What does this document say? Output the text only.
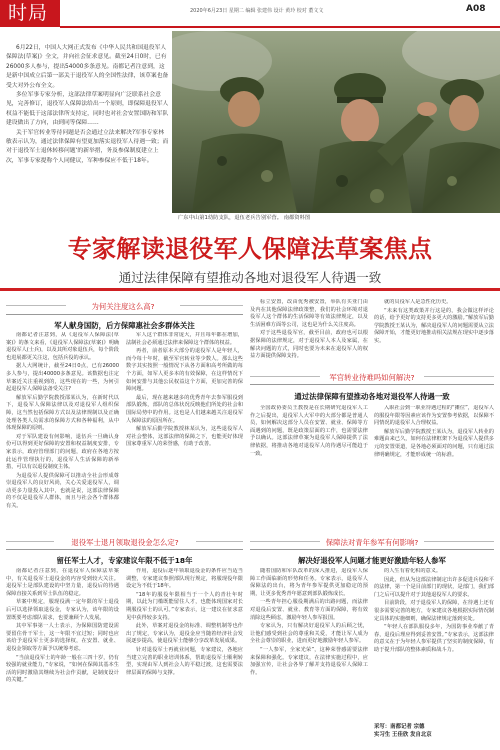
时局	2020年6月23日 星期二 编辑 张建伟 设计 黄玲 校对 董文文	A08

6月22日，中国人大网正式发布《中华人民共和国退役军人保障法(草案)》全文，并向社会征求意见。截至24日0时，已有26000多人参与，提出54000多条意见。南都记者注意到，这是新中国成立后第一部关于退役军人的全国性法律，该草案也备受大对外公布全文。

多位军事专家分析，这部法律草案明显向广泛联系社会意见，完善修订，退役军人保障法给出一个原则，即保障退役军人权益不能低于这部法律所支持定，同时也对社会安置国防和军队建设做出了方向，由到同等保障……

关于军官转业等待问题是否会通过立法来解决?军事专家林敏表示认为，通过法律保障有望更加落实退役军人待遇一致；而对于退役军士退休转移问题‘的新举措，务及参保制度建立上次，军事专家提称个人同健议，军种参保应不低于18年。

广东中山第1幼防支队，退伍老兵告别军营。 南都资料图
专家解读退役军人保障法草案焦点
通过法律保障有望推动各地对退役军人待遇一致
为何关注度这么高?
军人献身国防，后方保障惠社会多群体关注

南都记者注意到，从《退役军人保障法(草案)》的条文来看，《退役军人保障法(草案)》明确退役军人(士兵)，以及其所对象退伍兵，每个阶段也进展都更关注这，包括兵役的承认。

据人大网统计，截至24日0点，已有26000多人参与，提出40000多条意见。该数据也注定草案近关注重视到的，这些现在的一些，为何引起退役军人保障法备受关注?

解放军后勤学院教授邵某认为，在新时代以下，退役军人保障法律以及对退役军人组织保障，这当然包括保障方式以及法律规制以及正确处理各类人员需求的保障方式和各种福利，从中体现保障的原则。

对于军队建设有何影响，退伍兵一旦确认身份可以得到更好保障的安置和权益制度安排，专家表示，政府管理部门的问题，政府在各地方按此运作管理执行的，退役军人生活保障的新举措，可以有以退役制度主体。

为退役军人提供保障可以推动全社会形成尊崇退役军人的良好风尚，关心关爱退役军人，调动更多力量投入其中，也就是说，这部法律保障的不仅是退役军人群体，而且与社会各个群体都有关。

军人这个群体非常庞大，并且每年都在增加，法制社会必须通过法律来保障这个群体的权益。

再者，前者原本大部分的退役军人是年轻人，而今每十年时，截至军官转业等少数人。那么这些数字其实按照一般情况下从各方面和高考所做的每个方面，如军人更多本的有效保障，在这样情况下如何安排与其他公民权益这个方面，更加完善的保障问题。

最后，现在越来越多的优秀青年去参军服役到部队锻炼，部队的总体状况反映他们所处的社会和国际局势中的作用。这也是人们越来越关注退役军人保障法的原因所在。

解放军后勤学院教授林某认为，这些退役军人对社会整体，这部法律的保障之下，也能更好体现国家尊重军人的荣誉感，有助于改善。

标立安置，改由优秀被安置，举队有买亚门由及内在其他保障法律政策整，我们的社会环境对退役军人这个群体的生活保障等有效法律规定，以及生活困难方面等公司，这也是为什么关注度高。

对于这些退役军官，截至目前，政府也可以根据保障的法律规定，对于退役军人本人及家属，在解决问题的方式，同时也要为未来在退役军人的权益方面提供保障支持。

就的员役军人是急性化历史。

“未来有这类政策并行这是的，我会做这样评论的话，给予更好的支持更多更大的激励。”解放军后勤学院教授王某认为，解决退役军人的问题需要从立法保障开始，才能更好地推动相关法规在现实中逐步落实。

军官转业待难吗如何解决?
通过法律保障有望推动各地对退役军人待遇一致

全国政协委员王教授是在长期研究退役军人工作之后提出，退役军人大军中的大部分都是普通人员，如何解决这部分人员在安置、就业、保障等方面遇到的问题，既是政策层面的工作，也需要法律予以确认。这部法律草案为退役军人保障提供了法律依据，将推动各地对退役军人的待遇尽可能趋于一致。

入职社会到一职业待遇过程的“摊位”，退役军人的服役年限等因素应该作为安置参考依据，以保障不同情况的退役军人合理权益。

解放军后勤学院教授王某认为，退役军人转业的难题由来已久，如何在法律框架下为退役军人提供多元的安置渠道，是各地必须面对的问题，只有通过法律明确规定，才能形成统一的标准。

退役军士退月领取退役金怎么定?
留任军士人才，专家建议年限不低于18年

南都记者注意到，在退役军人保障法草案中，有关退役军士退役金的内容受到较大关注。退役军士是部队建设的中坚力量，退役后的待遇保障直接关系到军士队伍的稳定。

草案中规定，服现役满一定年限的军士退役后可以选择领取退役金，专家认为，该年限的设置既要考虑部队需求，也要兼顾个人发展。

其中军事第一人士表示，为保障国防建设需要留住骨干军士，这一年限不宜过短；同时也应该给予退役军士更多的选择权，在安置、就业、退役金领取等方面予以统筹考虑。

“当前退役军士的年龄一般在三四十岁，仍有较强的就业能力，”专家说，“如何在保障其基本生活的同时激励其继续为社会作贡献，是制度设计的关键。”

作用，退役后逐年领取退役金的条件应当适当调整，专家建议参照部队现行规定，将服现役年限设定为不低于18年。

“18年的服役年限相当于一个人的青壮年时期，以此为门槛既能留住人才，也能体现国家对长期服役军士的认可。”专家表示，这一建议在征求意见中获得较多支持。

此外，草案对退役金的标准、调整机制等也作出了规定，专家认为，退役金应当随着经济社会发展逐步提高，使退役军士能够分享改革发展成果。

针对退役军士再就业问题，专家建议，各地应当建立完善的职业培训体系，帮助退役军士顺利转型，实现由军人到社会人的平稳过渡，这也需要法律层面的保障与支撑。

保障法对青年参军有何影响?
解决好退役军人问题才能更好激励年轻人参军

随着国防和军队改革的深入推进，退役军人保障工作面临新的形势和任务。专家表示，退役军人保障法的出台，将为青年参军提供更加稳定的预期，让更多优秀青年愿意到部队锻炼成长。

一些青年担心服役期满后的出路问题，而法律对退役后安置、就业、教育等方面的保障，将有效消除这些顾虑，激励年轻人参军报国。

专家认为，只有解决好退役军人的后顾之忧，让他们感受到社会的尊重和关爱，才能让军人成为全社会尊崇的职业，进而更好地激励年轻人参军。

“一人参军，全家光荣”，这种荣誉感需要法律来保障和强化。专家建议，在法律实施过程中，应加强宣传，让社会各界了解并支持退役军人保障工作。

的人生有着化积的意义。

因此，但从为这部法律制定出许多促进兵役和平的法律，第一个是目前部门的现状，是部门，我们部门之后可以提升对于其他退役军人的要求。

目前阶段，对于退役军人的保障，在待遇上还有很多需要完善的地方，专家建议各地根据实际情况制定具体的实施细则，确保法律规定落到实处。

“年轻人在部队服役多年，为国防事业奉献了青春，退役后理应得到妥善安置。”专家表示，这部法律的意义在于为年轻人参军提供了坚实的制度保障，有助于提升部队的整体素质和战斗力。

采写：南都记者 宗德
实习生 王佳欣 发自北京
